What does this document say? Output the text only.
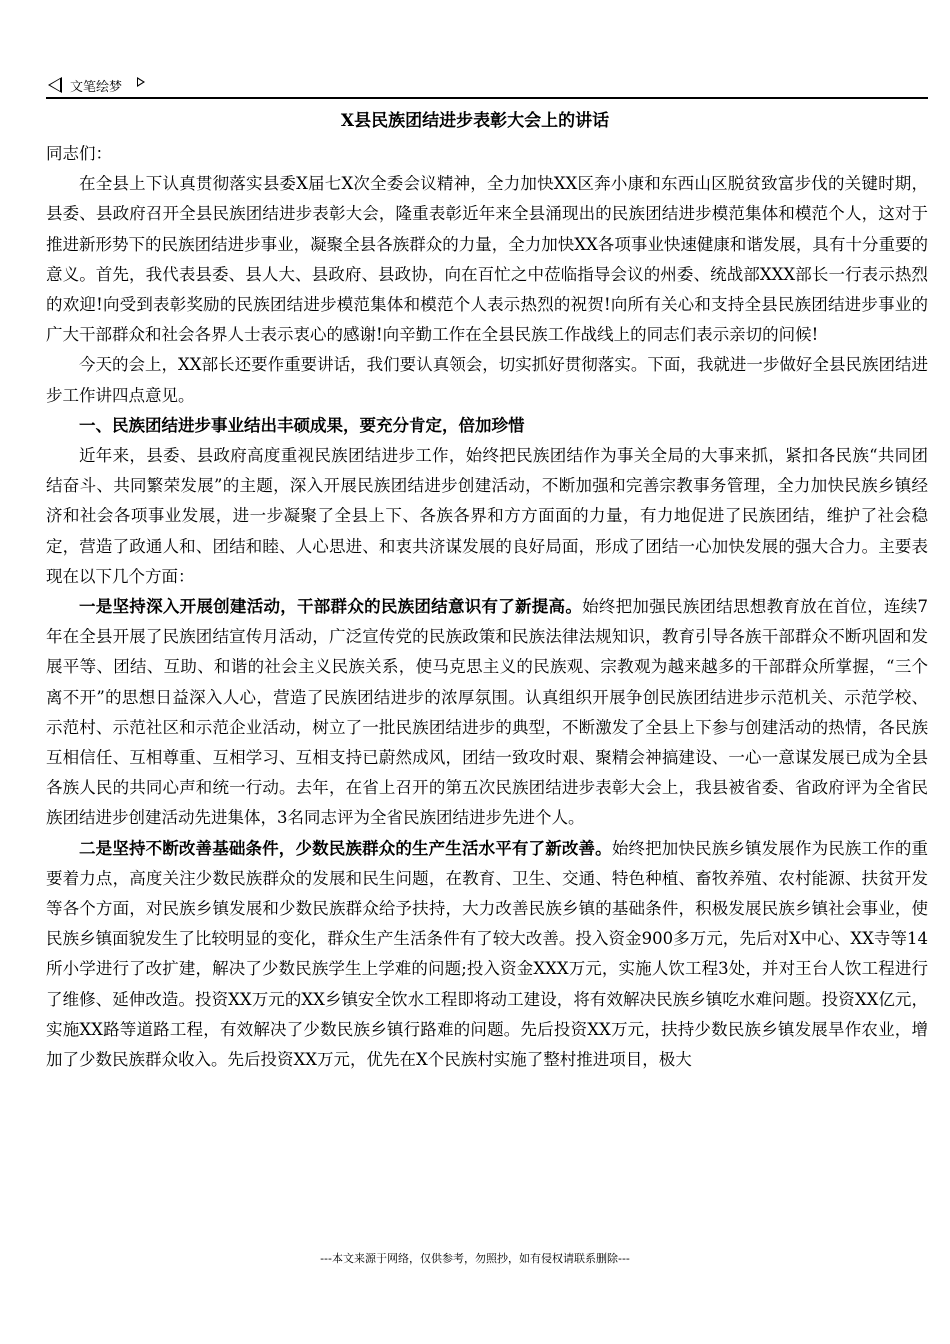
文笔绘梦
X县民族团结进步表彰大会上的讲话

同志们：

在全县上下认真贯彻落实县委X届七X次全委会议精神，全力加快XX区奔小康和东西山区脱贫致富步伐的关键时期，县委、县政府召开全县民族团结进步表彰大会，隆重表彰近年来全县涌现出的民族团结进步模范集体和模范个人，这对于推进新形势下的民族团结进步事业，凝聚全县各族群众的力量，全力加快XX各项事业快速健康和谐发展，具有十分重要的意义。首先，我代表县委、县人大、县政府、县政协，向在百忙之中莅临指导会议的州委、统战部XXX部长一行表示热烈的欢迎!向受到表彰奖励的民族团结进步模范集体和模范个人表示热烈的祝贺!向所有关心和支持全县民族团结进步事业的广大干部群众和社会各界人士表示衷心的感谢!向辛勤工作在全县民族工作战线上的同志们表示亲切的问候!

今天的会上，XX部长还要作重要讲话，我们要认真领会，切实抓好贯彻落实。下面，我就进一步做好全县民族团结进步工作讲四点意见。

一、民族团结进步事业结出丰硕成果，要充分肯定，倍加珍惜

近年来，县委、县政府高度重视民族团结进步工作，始终把民族团结作为事关全局的大事来抓，紧扣各民族“共同团结奋斗、共同繁荣发展”的主题，深入开展民族团结进步创建活动，不断加强和完善宗教事务管理，全力加快民族乡镇经济和社会各项事业发展，进一步凝聚了全县上下、各族各界和方方面面的力量，有力地促进了民族团结，维护了社会稳定，营造了政通人和、团结和睦、人心思进、和衷共济谋发展的良好局面，形成了团结一心加快发展的强大合力。主要表现在以下几个方面：

一是坚持深入开展创建活动，干部群众的民族团结意识有了新提高。始终把加强民族团结思想教育放在首位，连续7年在全县开展了民族团结宣传月活动，广泛宣传党的民族政策和民族法律法规知识，教育引导各族干部群众不断巩固和发展平等、团结、互助、和谐的社会主义民族关系，使马克思主义的民族观、宗教观为越来越多的干部群众所掌握，“三个离不开”的思想日益深入人心，营造了民族团结进步的浓厚氛围。认真组织开展争创民族团结进步示范机关、示范学校、示范村、示范社区和示范企业活动，树立了一批民族团结进步的典型，不断激发了全县上下参与创建活动的热情，各民族互相信任、互相尊重、互相学习、互相支持已蔚然成风，团结一致攻时艰、聚精会神搞建设、一心一意谋发展已成为全县各族人民的共同心声和统一行动。去年，在省上召开的第五次民族团结进步表彰大会上，我县被省委、省政府评为全省民族团结进步创建活动先进集体，3名同志评为全省民族团结进步先进个人。

二是坚持不断改善基础条件，少数民族群众的生产生活水平有了新改善。始终把加快民族乡镇发展作为民族工作的重要着力点，高度关注少数民族群众的发展和民生问题，在教育、卫生、交通、特色种植、畜牧养殖、农村能源、扶贫开发等各个方面，对民族乡镇发展和少数民族群众给予扶持，大力改善民族乡镇的基础条件，积极发展民族乡镇社会事业，使民族乡镇面貌发生了比较明显的变化，群众生产生活条件有了较大改善。投入资金900多万元，先后对X中心、XX寺等14所小学进行了改扩建，解决了少数民族学生上学难的问题;投入资金XXX万元，实施人饮工程3处，并对王台人饮工程进行了维修、延伸改造。投资XX万元的XX乡镇安全饮水工程即将动工建设，将有效解决民族乡镇吃水难问题。投资XX亿元，实施XX路等道路工程，有效解决了少数民族乡镇行路难的问题。先后投资XX万元，扶持少数民族乡镇发展旱作农业，增加了少数民族群众收入。先后投资XX万元，优先在X个民族村实施了整村推进项目，极大

---本文来源于网络，仅供参考，勿照抄，如有侵权请联系删除---
